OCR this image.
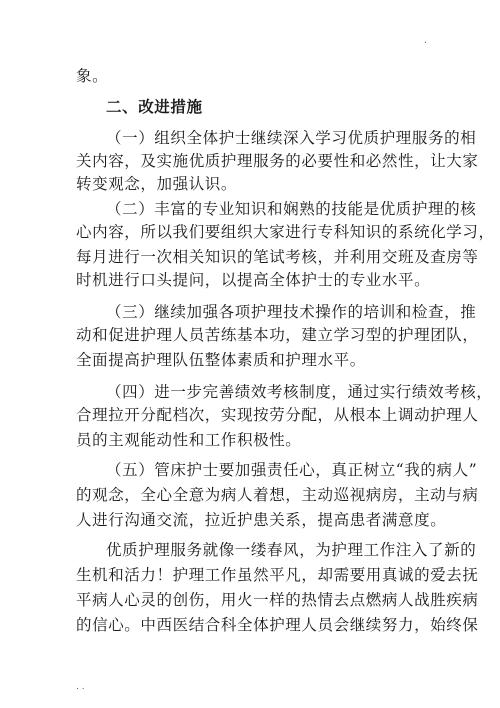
.
象。
二、改进措施
（一）组织全体护士继续深入学习优质护理服务的相
关内容，及实施优质护理服务的必要性和必然性，让大家
转变观念，加强认识。
（二）丰富的专业知识和娴熟的技能是优质护理的核
心内容，所以我们要组织大家进行专科知识的系统化学习，
每月进行一次相关知识的笔试考核，并利用交班及查房等
时机进行口头提问，以提高全体护士的专业水平。
（三）继续加强各项护理技术操作的培训和检查，推
动和促进护理人员苦练基本功，建立学习型的护理团队，
全面提高护理队伍整体素质和护理水平。
（四）进一步完善绩效考核制度，通过实行绩效考核，
合理拉开分配档次，实现按劳分配，从根本上调动护理人
员的主观能动性和工作积极性。
（五）管床护士要加强责任心，真正树立“我的病人”
的观念，全心全意为病人着想，主动巡视病房，主动与病
人进行沟通交流，拉近护患关系，提高患者满意度。
优质护理服务就像一缕春风，为护理工作注入了新的
生机和活力！护理工作虽然平凡，却需要用真诚的爱去抚
平病人心灵的创伤，用火一样的热情去点燃病人战胜疾病
的信心。中西医结合科全体护理人员会继续努力，始终保
. .
